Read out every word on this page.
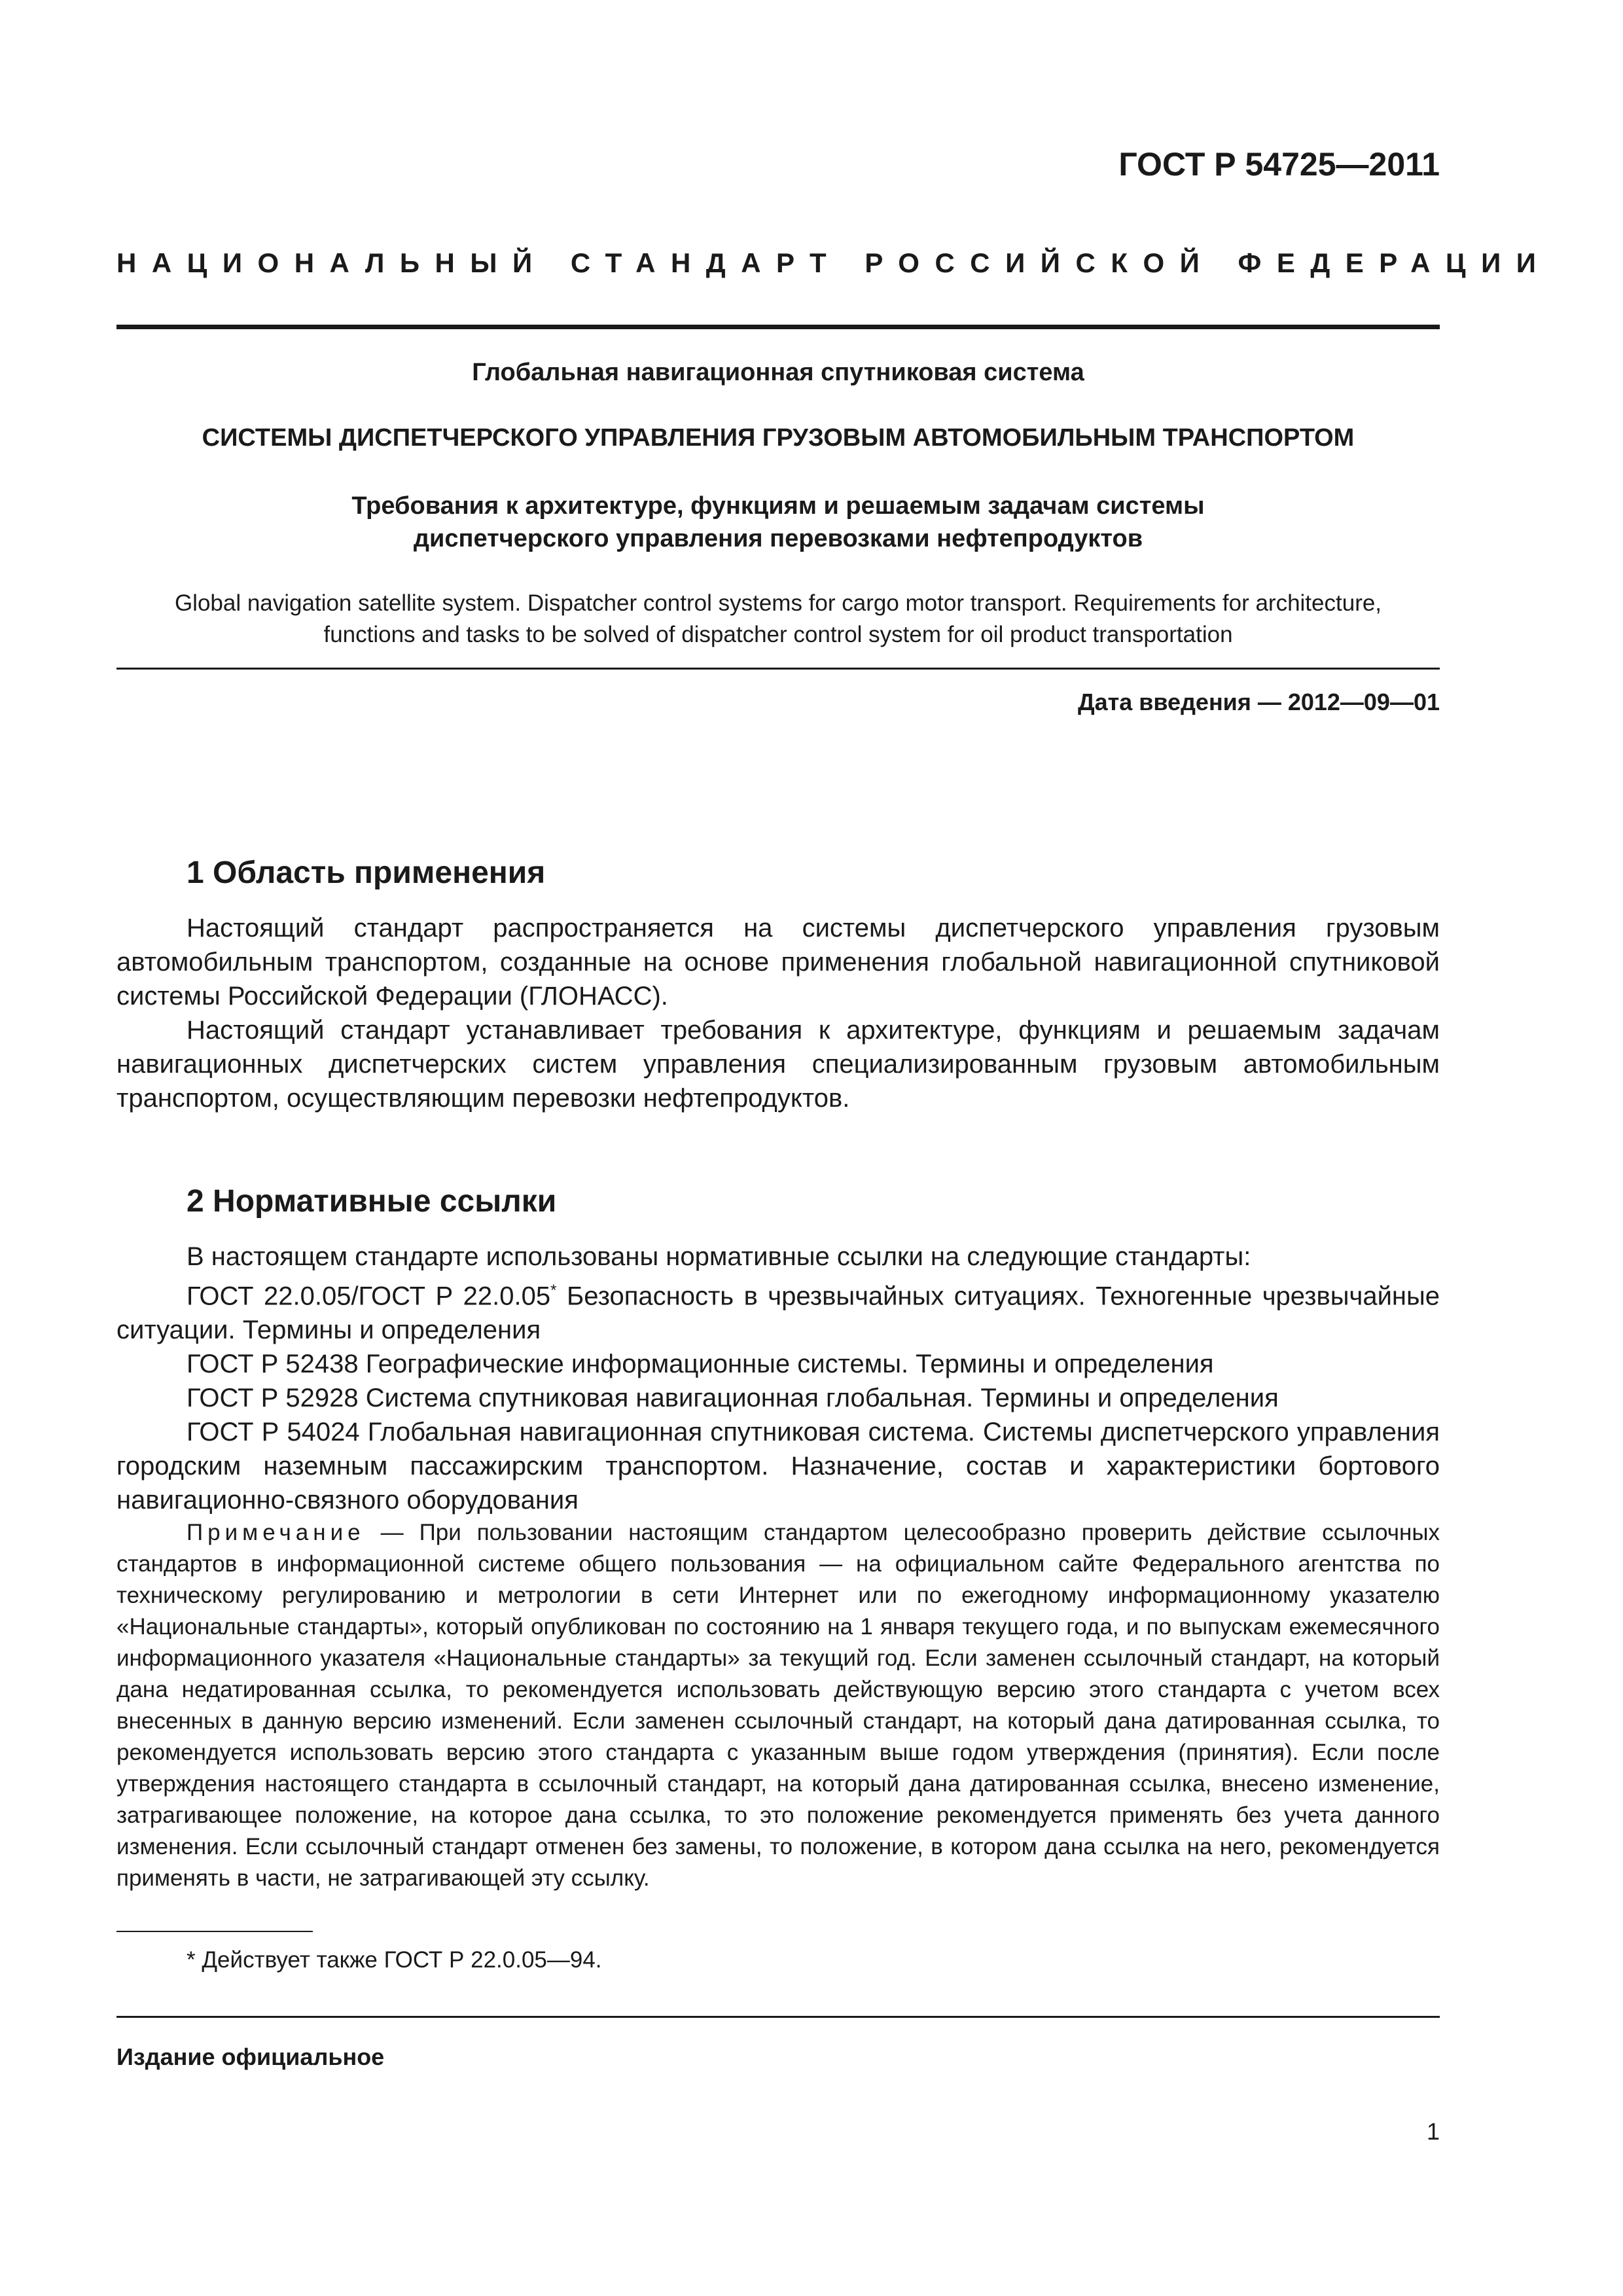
ГОСТ Р 54725—2011
НАЦИОНАЛЬНЫЙ СТАНДАРТ РОССИЙСКОЙ ФЕДЕРАЦИИ
Глобальная навигационная спутниковая система
СИСТЕМЫ ДИСПЕТЧЕРСКОГО УПРАВЛЕНИЯ ГРУЗОВЫМ АВТОМОБИЛЬНЫМ ТРАНСПОРТОМ
Требования к архитектуре, функциям и решаемым задачам системы
диспетчерского управления перевозками нефтепродуктов
Global navigation satellite system. Dispatcher control systems for cargo motor transport. Requirements for architecture,
functions and tasks to be solved of dispatcher control system for oil product transportation
Дата введения — 2012—09—01
1 Область применения

Настоящий стандарт распространяется на системы диспетчерского управления грузовым автомобильным транспортом, созданные на основе применения глобальной навигационной спутниковой системы Российской Федерации (ГЛОНАСС).

Настоящий стандарт устанавливает требования к архитектуре, функциям и решаемым задачам навигационных диспетчерских систем управления специализированным грузовым автомобильным транспортом, осуществляющим перевозки нефтепродуктов.

2 Нормативные ссылки

В настоящем стандарте использованы нормативные ссылки на следующие стандарты:

ГОСТ 22.0.05/ГОСТ Р 22.0.05* Безопасность в чрезвычайных ситуациях. Техногенные чрезвычайные ситуации. Термины и определения

ГОСТ Р 52438 Географические информационные системы. Термины и определения

ГОСТ Р 52928 Система спутниковая навигационная глобальная. Термины и определения

ГОСТ Р 54024 Глобальная навигационная спутниковая система. Системы диспетчерского управления городским наземным пассажирским транспортом. Назначение, состав и характеристики бортового навигационно-связного оборудования

Примечание — При пользовании настоящим стандартом целесообразно проверить действие ссылочных стандартов в информационной системе общего пользования — на официальном сайте Федерального агентства по техническому регулированию и метрологии в сети Интернет или по ежегодному информационному указателю «Национальные стандарты», который опубликован по состоянию на 1 января текущего года, и по выпускам ежемесячного информационного указателя «Национальные стандарты» за текущий год. Если заменен ссылочный стандарт, на который дана недатированная ссылка, то рекомендуется использовать действующую версию этого стандарта с учетом всех внесенных в данную версию изменений. Если заменен ссылочный стандарт, на который дана датированная ссылка, то рекомендуется использовать версию этого стандарта с указанным выше годом утверждения (принятия). Если после утверждения настоящего стандарта в ссылочный стандарт, на который дана датированная ссылка, внесено изменение, затрагивающее положение, на которое дана ссылка, то это положение рекомендуется применять без учета данного изменения. Если ссылочный стандарт отменен без замены, то положение, в котором дана ссылка на него, рекомендуется применять в части, не затрагивающей эту ссылку.

* Действует также ГОСТ Р 22.0.05—94.
Издание официальное
1
